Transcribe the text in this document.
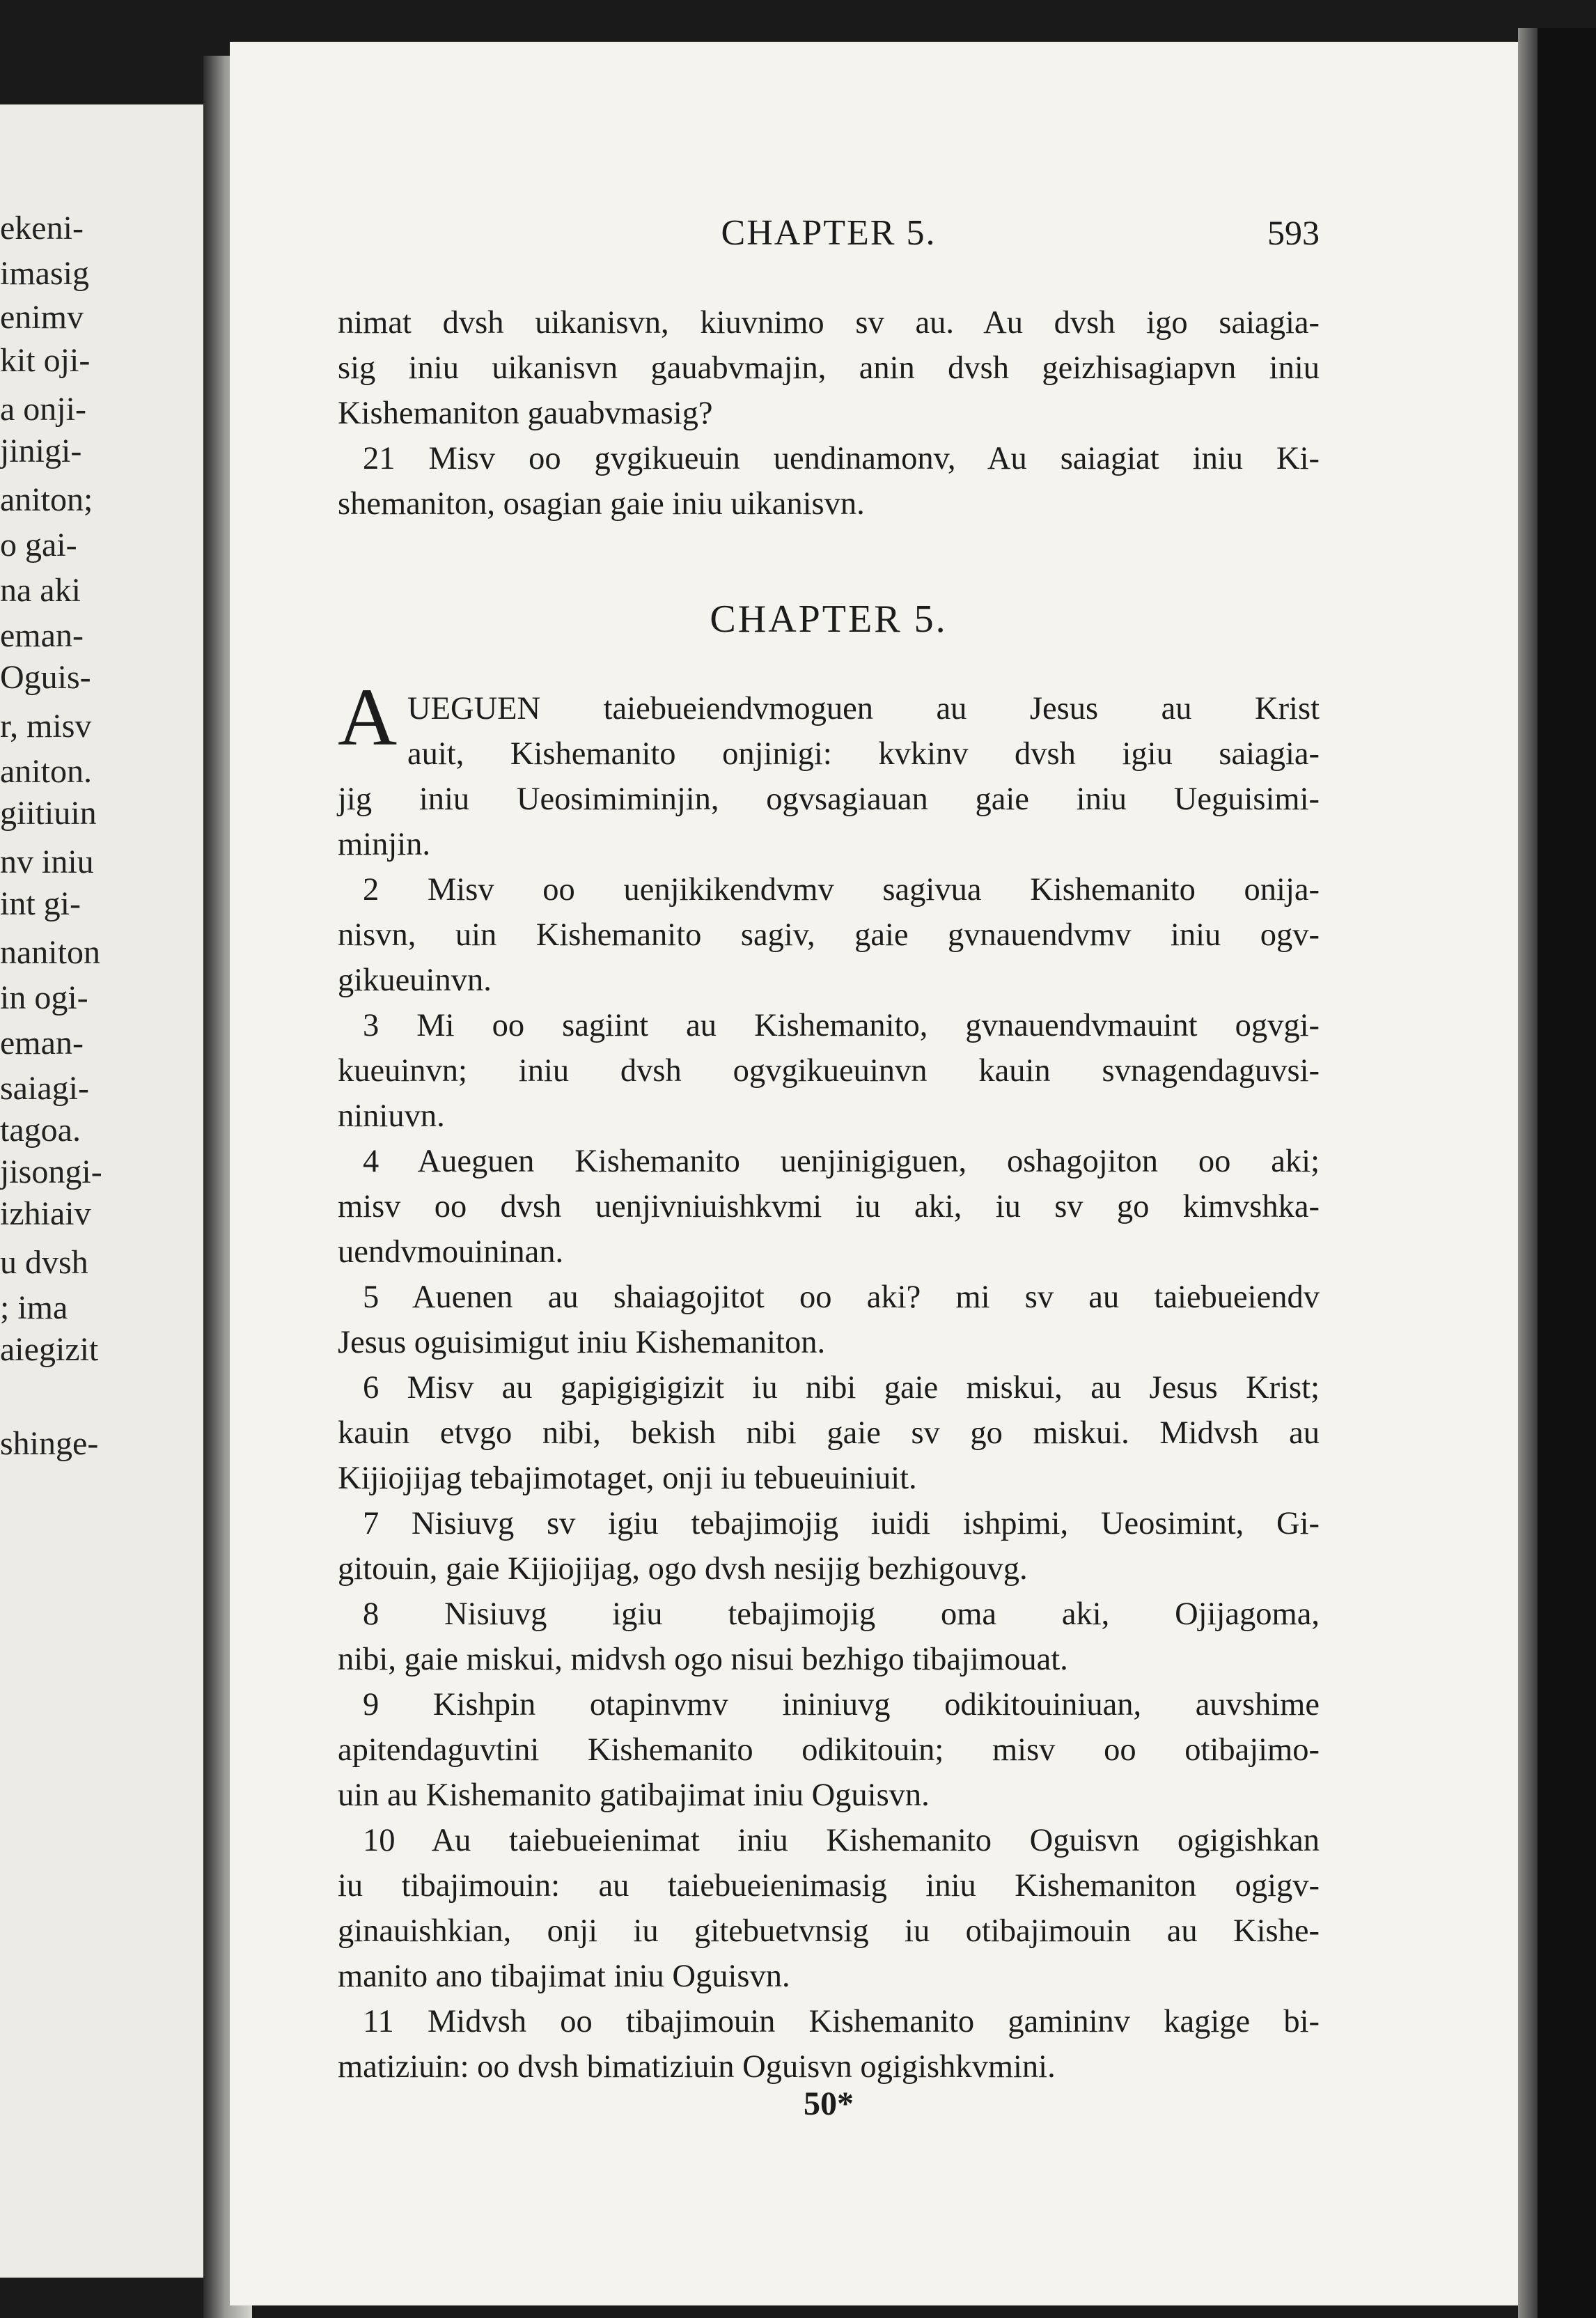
ekeni-
imasig
enimv
kit oji-
a onji-
jinigi-
aniton;
o gai-
na aki
eman-
Oguis-
r, misv
aniton.
giitiuin
nv iniu
int gi-
naniton
in ogi-
eman-
saiagi-
tagoa.
jisongi-
izhiaiv
u dvsh
; ima
aiegizit
shinge-
CHAPTER 5.	593
nimat dvsh uikanisvn, kiuvnimo sv au. Au dvsh igo saiagia-
sig iniu uikanisvn gauabvmajin, anin dvsh geizhisagiapvn iniu
Kishemaniton gauabvmasig?
21 Misv oo gvgikueuin uendinamonv, Au saiagiat iniu Ki-
shemaniton, osagian gaie iniu uikanisvn.
CHAPTER 5.
A UEGUEN taiebueiendvmoguen au Jesus au Krist
auit, Kishemanito onjinigi: kvkinv dvsh igiu saiagia-
jig iniu Ueosimiminjin, ogvsagiauan gaie iniu Ueguisimi-
minjin.
2 Misv oo uenjikikendvmv sagivua Kishemanito onija-
nisvn, uin Kishemanito sagiv, gaie gvnauendvmv iniu ogv-
gikueuinvn.
3 Mi oo sagiint au Kishemanito, gvnauendvmauint ogvgi-
kueuinvn; iniu dvsh ogvgikueuinvn kauin svnagendaguvsi-
niniuvn.
4 Aueguen Kishemanito uenjinigiguen, oshagojiton oo aki;
misv oo dvsh uenjivniuishkvmi iu aki, iu sv go kimvshka-
uendvmouininan.
5 Auenen au shaiagojitot oo aki? mi sv au taiebueiendv
Jesus oguisimigut iniu Kishemaniton.
6 Misv au gapigigigizit iu nibi gaie miskui, au Jesus Krist;
kauin etvgo nibi, bekish nibi gaie sv go miskui. Midvsh au
Kijiojijag tebajimotaget, onji iu tebueuiniuit.
7 Nisiuvg sv igiu tebajimojig iuidi ishpimi, Ueosimint, Gi-
gitouin, gaie Kijiojijag, ogo dvsh nesijig bezhigouvg.
8 Nisiuvg igiu tebajimojig oma aki, Ojijagoma,
nibi, gaie miskui, midvsh ogo nisui bezhigo tibajimouat.
9 Kishpin otapinvmv ininiuvg odikitouiniuan, auvshime
apitendaguvtini Kishemanito odikitouin; misv oo otibajimo-
uin au Kishemanito gatibajimat iniu Oguisvn.
10 Au taiebueienimat iniu Kishemanito Oguisvn ogigishkan
iu tibajimouin: au taiebueienimasig iniu Kishemaniton ogigv-
ginauishkian, onji iu gitebuetvnsig iu otibajimouin au Kishe-
manito ano tibajimat iniu Oguisvn.
11 Midvsh oo tibajimouin Kishemanito gamininv kagige bi-
matiziuin: oo dvsh bimatiziuin Oguisvn ogigishkvmini.
50*
